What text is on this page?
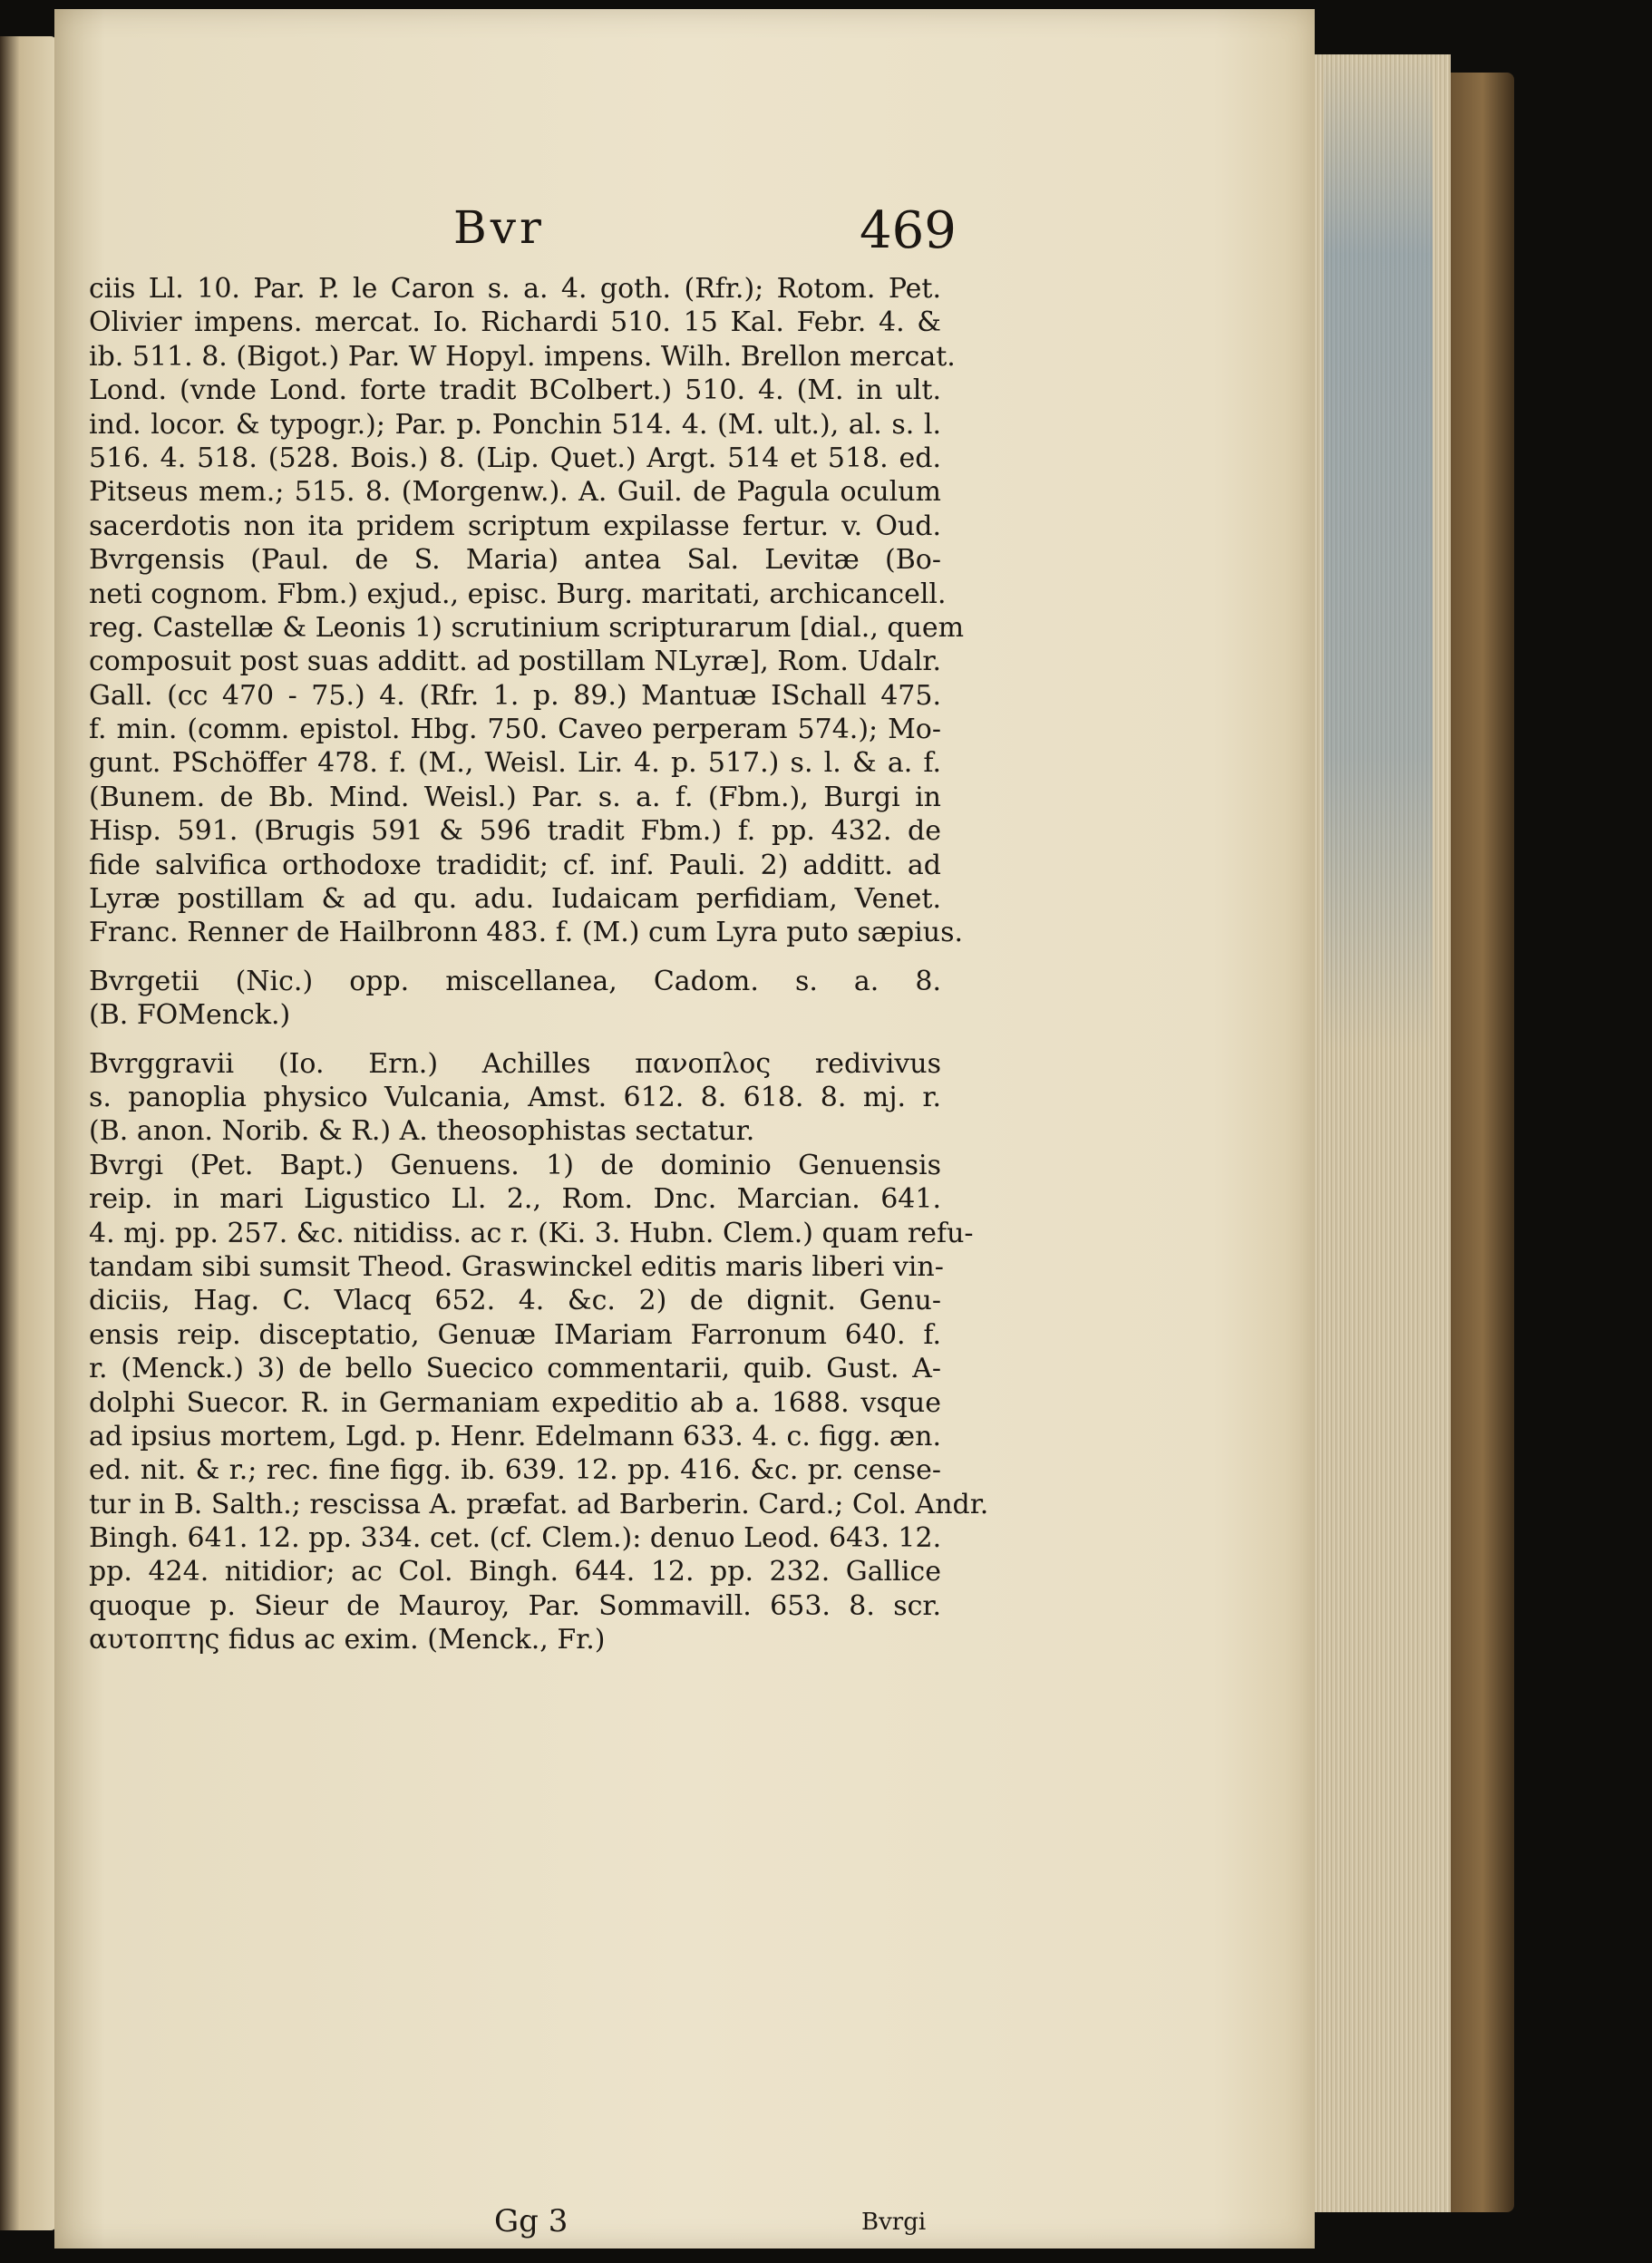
Bvr	469
ciis Ll. 10. Par. P. le Caron s. a. 4. goth. (Rfr.); Rotom. Pet.
Olivier impens. mercat. Io. Richardi 510. 15 Kal. Febr. 4. &
ib. 511. 8. (Bigot.) Par. W Hopyl. impens. Wilh. Brellon mercat.
Lond. (vnde Lond. forte tradit BColbert.) 510. 4. (M. in ult.
ind. locor. & typogr.); Par. p. Ponchin 514. 4. (M. ult.), al. s. l.
516. 4. 518. (528. Bois.) 8. (Lip. Quet.) Argt. 514 et 518. ed.
Pitseus mem.; 515. 8. (Morgenw.). A. Guil. de Pagula oculum
sacerdotis non ita pridem scriptum expilasse fertur. v. Oud.
Bvrgensis (Paul. de S. Maria) antea Sal. Levitæ (Bo-
neti cognom. Fbm.) exjud., episc. Burg. maritati, archicancell.
reg. Castellæ & Leonis 1) scrutinium scripturarum [dial., quem
composuit post suas additt. ad postillam NLyræ], Rom. Udalr.
Gall. (cc 470 - 75.) 4. (Rfr. 1. p. 89.) Mantuæ ISchall 475.
f. min. (comm. epistol. Hbg. 750. Caveo perperam 574.); Mo-
gunt. PSchöffer 478. f. (M., Weisl. Lir. 4. p. 517.) s. l. & a. f.
(Bunem. de Bb. Mind. Weisl.) Par. s. a. f. (Fbm.), Burgi in
Hisp. 591. (Brugis 591 & 596 tradit Fbm.) f. pp. 432. de
fide salvifica orthodoxe tradidit; cf. inf. Pauli. 2) additt. ad
Lyræ postillam & ad qu. adu. Iudaicam perfidiam, Venet.
Franc. Renner de Hailbronn 483. f. (M.) cum Lyra puto sæpius.
Bvrgetii (Nic.) opp. miscellanea, Cadom. s. a. 8.
(B. FOMenck.)
Bvrggravii (Io. Ern.) Achilles πανοπλος redivivus
s. panoplia physico Vulcania, Amst. 612. 8. 618. 8. mj. r.
(B. anon. Norib. & R.) A. theosophistas sectatur.
Bvrgi (Pet. Bapt.) Genuens. 1) de dominio Genuensis
reip. in mari Ligustico Ll. 2., Rom. Dnc. Marcian. 641.
4. mj. pp. 257. &c. nitidiss. ac r. (Ki. 3. Hubn. Clem.) quam refu-
tandam sibi sumsit Theod. Graswinckel editis maris liberi vin-
diciis, Hag. C. Vlacq 652. 4. &c. 2) de dignit. Genu-
ensis reip. disceptatio, Genuæ IMariam Farronum 640. f.
r. (Menck.) 3) de bello Suecico commentarii, quib. Gust. A-
dolphi Suecor. R. in Germaniam expeditio ab a. 1688. vsque
ad ipsius mortem, Lgd. p. Henr. Edelmann 633. 4. c. figg. æn.
ed. nit. & r.; rec. fine figg. ib. 639. 12. pp. 416. &c. pr. cense-
tur in B. Salth.; rescissa A. præfat. ad Barberin. Card.; Col. Andr.
Bingh. 641. 12. pp. 334. cet. (cf. Clem.): denuo Leod. 643. 12.
pp. 424. nitidior; ac Col. Bingh. 644. 12. pp. 232. Gallice
quoque p. Sieur de Mauroy, Par. Sommavill. 653. 8. scr.
αυτοπτης fidus ac exim. (Menck., Fr.)
Gg 3	Bvrgi
